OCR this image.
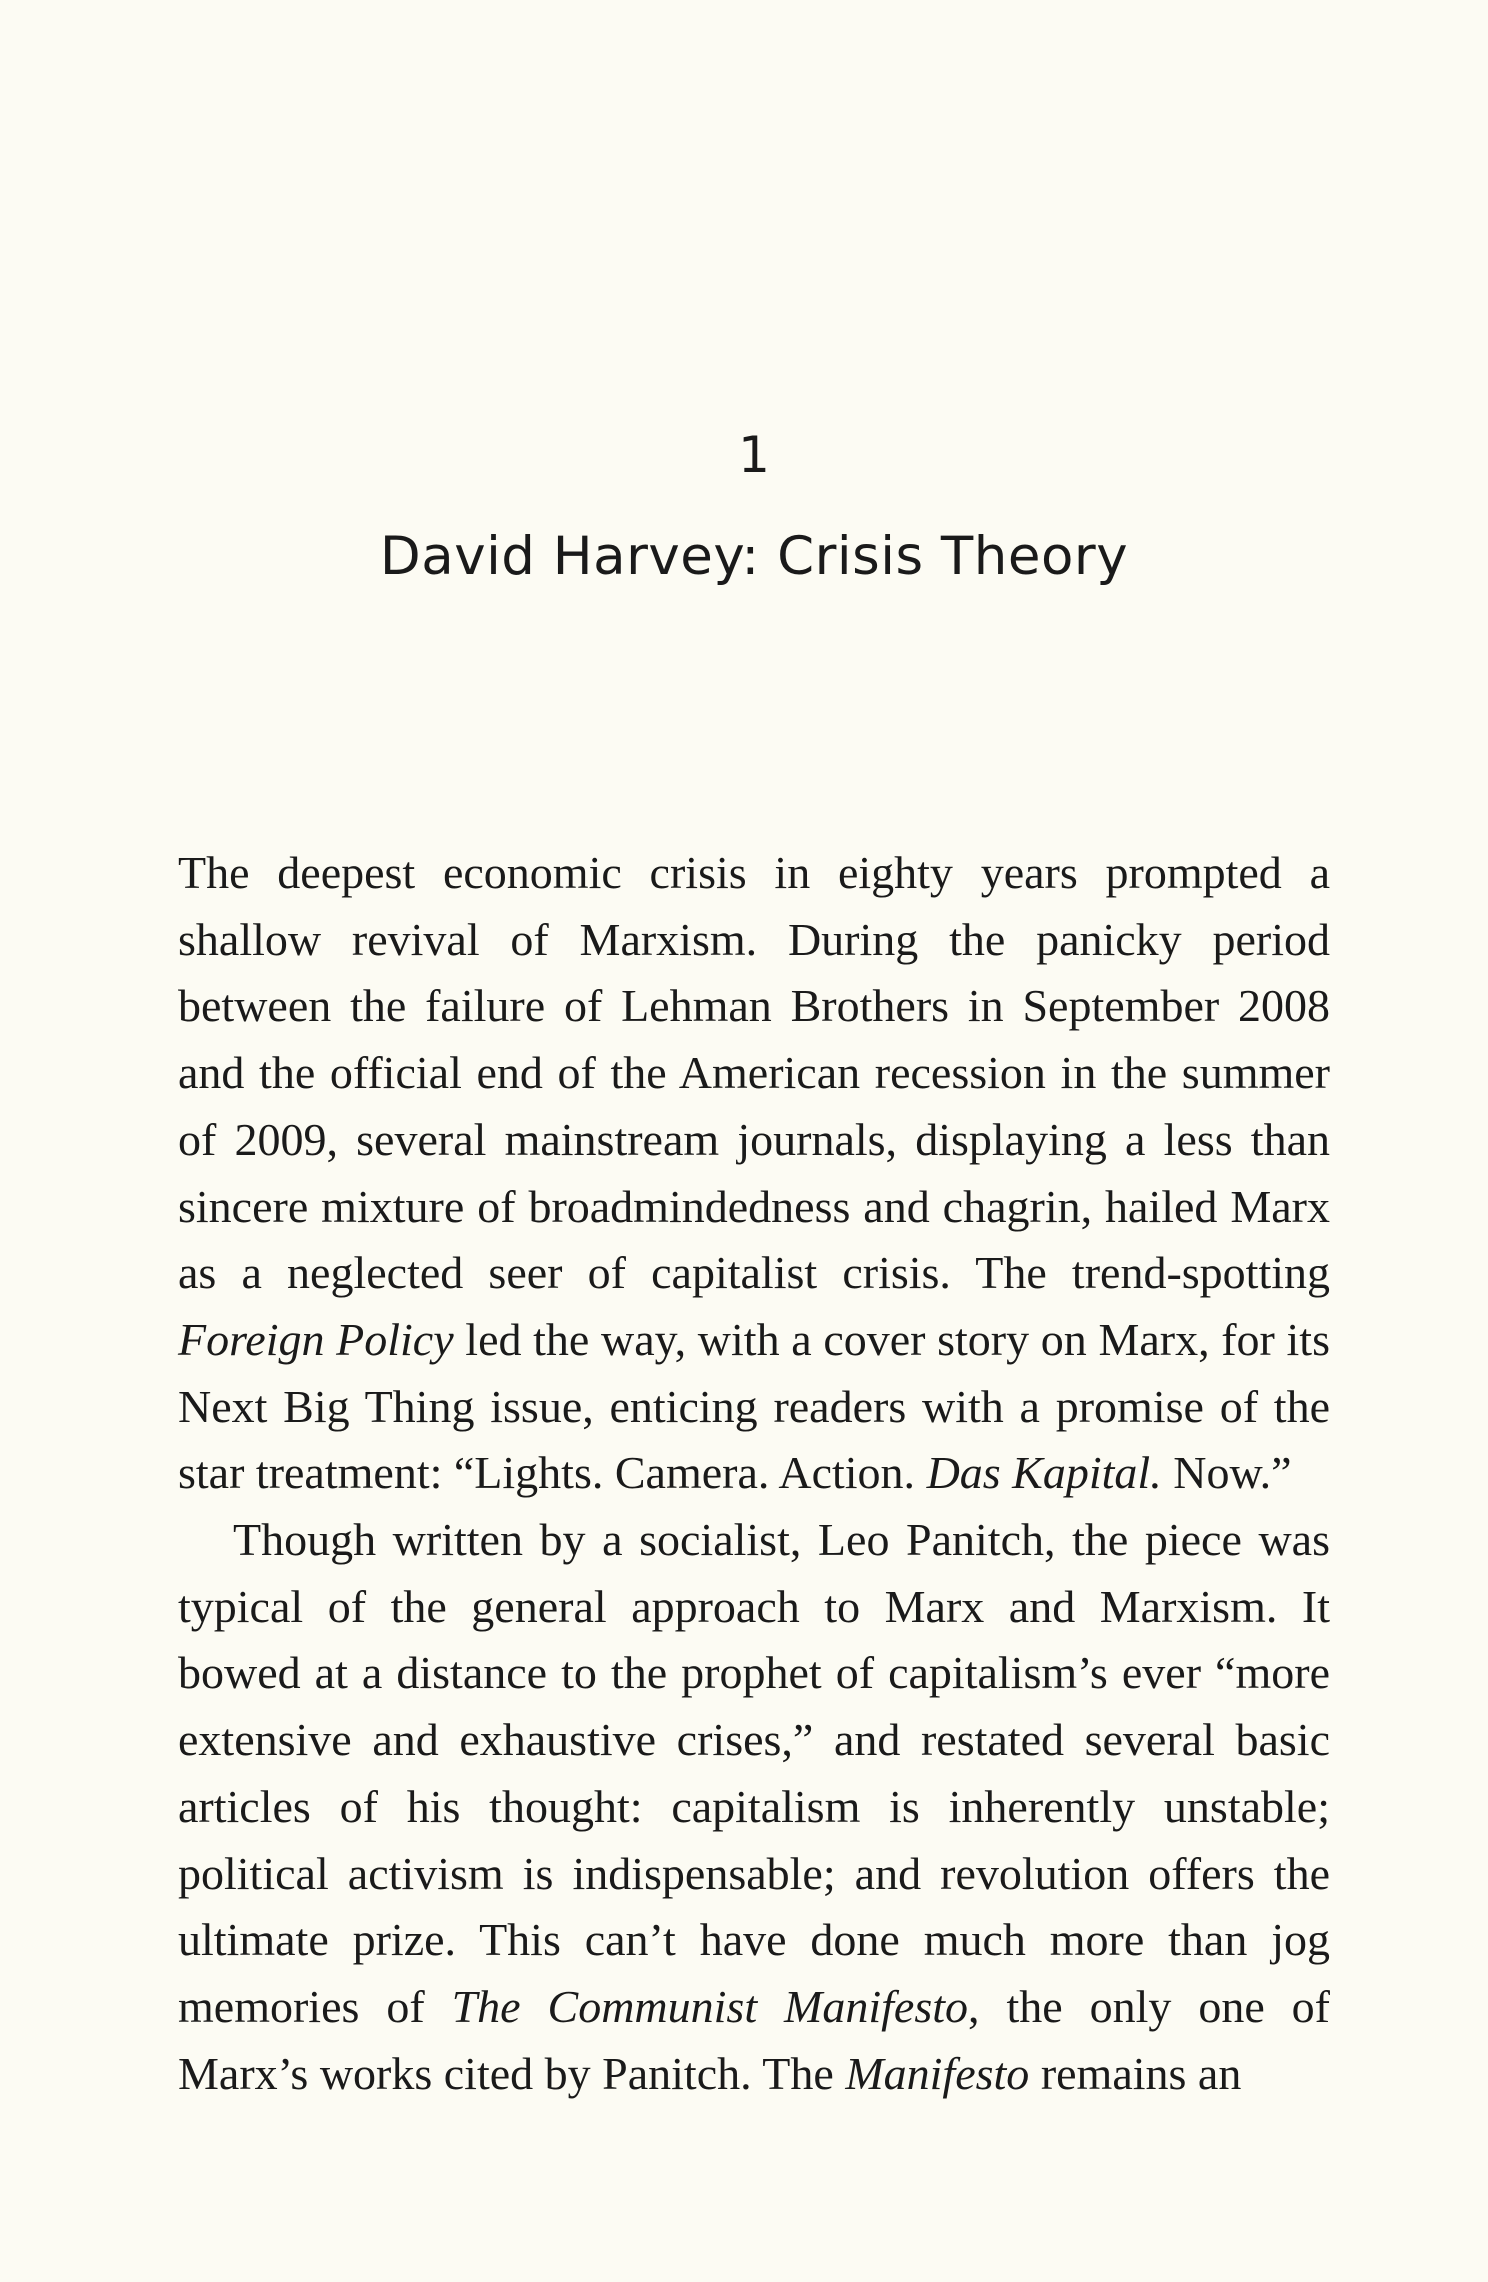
1
David Harvey: Crisis Theory

The deepest economic crisis in eighty years prompted a shallow revival of Marxism. During the panicky period between the failure of Lehman Brothers in September 2008 and the official end of the American recession in the summer of 2009, several mainstream journals, displaying a less than sincere mixture of broadmindedness and chagrin, hailed Marx as a neglected seer of capitalist crisis. The trend-spotting Foreign Policy led the way, with a cover story on Marx, for its Next Big Thing issue, enticing readers with a promise of the star treatment: “Lights. Camera. Action. Das Kapital. Now.”

Though written by a socialist, Leo Panitch, the piece was typical of the general approach to Marx and Marxism. It bowed at a distance to the prophet of capitalism’s ever “more extensive and exhaustive crises,” and restated several basic articles of his thought: capitalism is inherently unstable; political activism is indispensable; and revolution offers the ultimate prize. This can’t have done much more than jog memories of The Communist Manifesto, the only one of Marx’s works cited by Panitch. The Manifesto remains an
